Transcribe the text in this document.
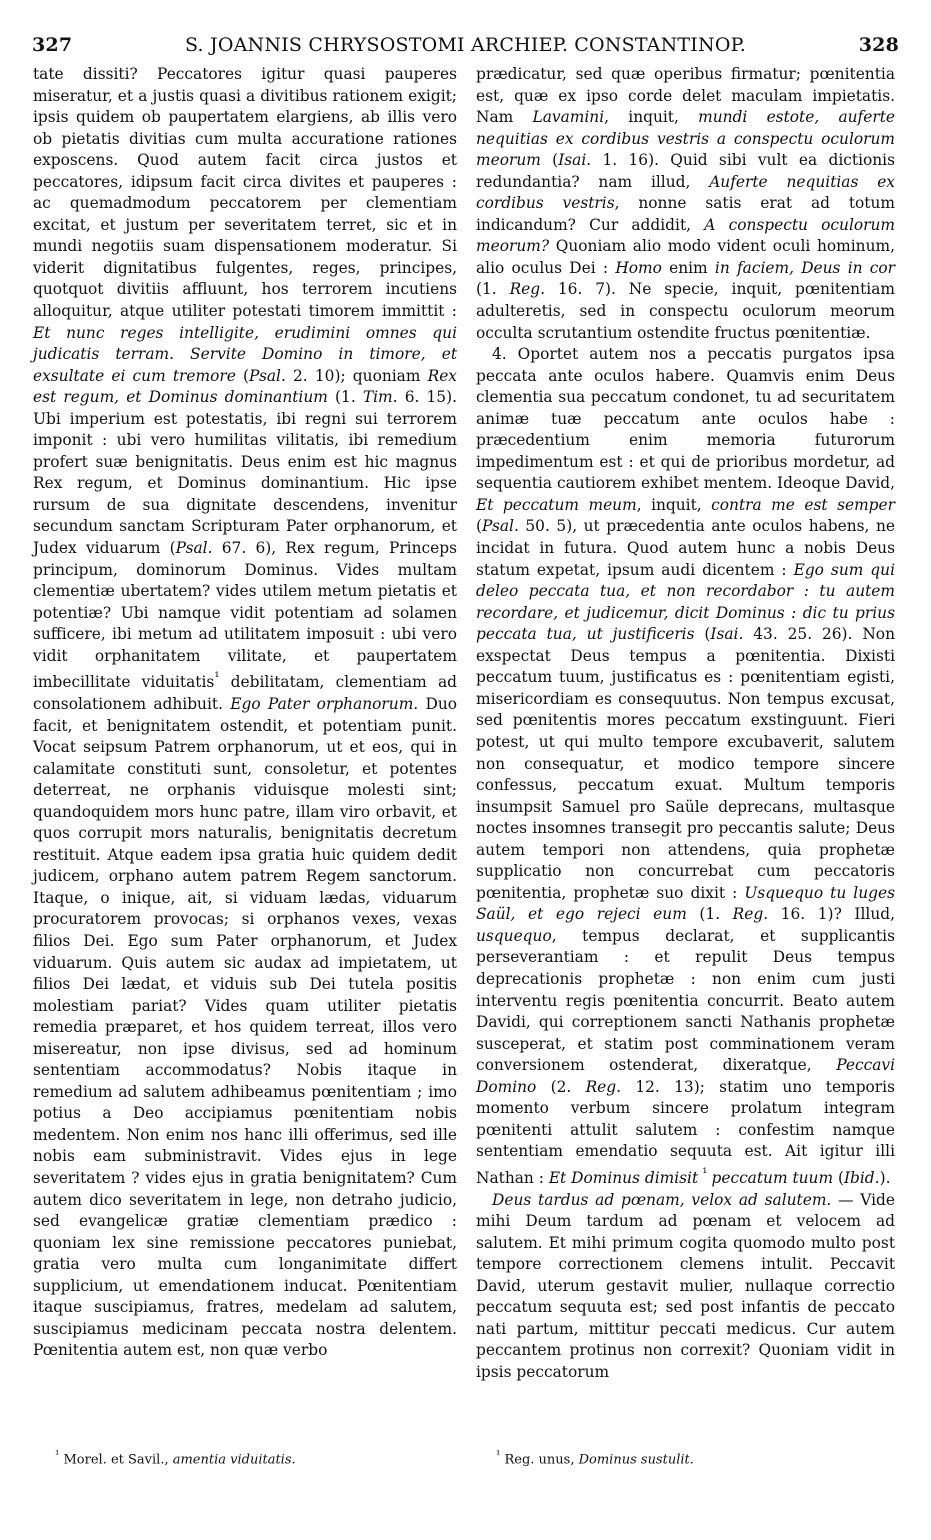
327	S. JOANNIS CHRYSOSTOMI ARCHIEP. CONSTANTINOP.	328

tate dissiti? Peccatores igitur quasi pauperes miseratur, et a justis quasi a divitibus rationem exigit; ipsis quidem ob paupertatem elargiens, ab illis vero ob pietatis divitias cum multa accuratione rationes exposcens. Quod autem facit circa justos et peccatores, idipsum facit circa divites et pauperes : ac quemadmodum peccatorem per clementiam excitat, et justum per severitatem terret, sic et in mundi negotiis suam dispensationem moderatur. Si viderit dignitatibus fulgentes, reges, principes, quotquot divitiis affluunt, hos terrorem incutiens alloquitur, atque utiliter potestati timorem immittit : Et nunc reges intelligite, erudimini omnes qui judicatis terram. Servite Domino in timore, et exsultate ei cum tremore (Psal. 2. 10); quoniam Rex est regum, et Dominus dominantium (1. Tim. 6. 15). Ubi imperium est potestatis, ibi regni sui terrorem imponit : ubi vero humilitas vilitatis, ibi remedium profert suæ benignitatis. Deus enim est hic magnus Rex regum, et Dominus dominantium. Hic ipse rursum de sua dignitate descendens, invenitur secundum sanctam Scripturam Pater orphanorum, et Judex viduarum (Psal. 67. 6), Rex regum, Princeps principum, dominorum Dominus. Vides multam clementiæ ubertatem? vides utilem metum pietatis et potentiæ? Ubi namque vidit potentiam ad solamen sufficere, ibi metum ad utilitatem imposuit : ubi vero vidit orphanitatem vilitate, et paupertatem imbecillitate viduitatis$^{^1}$ debilitatam, clementiam ad consolationem adhibuit. Ego Pater orphanorum. Duo facit, et benignitatem ostendit, et potentiam punit. Vocat seipsum Patrem orphanorum, ut et eos, qui in calamitate constituti sunt, consoletur, et potentes deterreat, ne orphanis viduisque molesti sint; quandoquidem mors hunc patre, illam viro orbavit, et quos corrupit mors naturalis, benignitatis decretum restituit. Atque eadem ipsa gratia huic quidem dedit judicem, orphano autem patrem Regem sanctorum. Itaque, o inique, ait, si viduam lædas, viduarum procuratorem provocas; si orphanos vexes, vexas filios Dei. Ego sum Pater orphanorum, et Judex viduarum. Quis autem sic audax ad impietatem, ut filios Dei lædat, et viduis sub Dei tutela positis molestiam pariat? Vides quam utiliter pietatis remedia præparet, et hos quidem terreat, illos vero misereatur, non ipse divisus, sed ad hominum sententiam accommodatus? Nobis itaque in remedium ad salutem adhibeamus pœnitentiam ; imo potius a Deo accipiamus pœnitentiam nobis medentem. Non enim nos hanc illi offerimus, sed ille nobis eam subministravit. Vides ejus in lege severitatem ? vides ejus in gratia benignitatem? Cum autem dico severitatem in lege, non detraho judicio, sed evangelicæ gratiæ clementiam prædico : quoniam lex sine remissione peccatores puniebat, gratia vero multa cum longanimitate differt supplicium, ut emendationem inducat. Pœnitentiam itaque suscipiamus, fratres, medelam ad salutem, suscipiamus medicinam peccata nostra delentem. Pœnitentia autem est, non quæ verbo

prædicatur, sed quæ operibus firmatur; pœnitentia est, quæ ex ipso corde delet maculam impietatis. Nam Lavamini, inquit, mundi estote, auferte nequitias ex cordibus vestris a conspectu oculorum meorum (Isai. 1. 16). Quid sibi vult ea dictionis redundantia? nam illud, Auferte nequitias ex cordibus vestris, nonne satis erat ad totum indicandum? Cur addidit, A conspectu oculorum meorum? Quoniam alio modo vident oculi hominum, alio oculus Dei : Homo enim in faciem, Deus in cor (1. Reg. 16. 7). Ne specie, inquit, pœnitentiam adulteretis, sed in conspectu oculorum meorum occulta scrutantium ostendite fructus pœnitentiæ.

4. Oportet autem nos a peccatis purgatos ipsa peccata ante oculos habere. Quamvis enim Deus clementia sua peccatum condonet, tu ad securitatem animæ tuæ peccatum ante oculos habe : præcedentium enim memoria futurorum impedimentum est : et qui de prioribus mordetur, ad sequentia cautiorem exhibet mentem. Ideoque David, Et peccatum meum, inquit, contra me est semper (Psal. 50. 5), ut præcedentia ante oculos habens, ne incidat in futura. Quod autem hunc a nobis Deus statum expetat, ipsum audi dicentem : Ego sum qui deleo peccata tua, et non recordabor : tu autem recordare, et judicemur, dicit Dominus : dic tu prius peccata tua, ut justificeris (Isai. 43. 25. 26). Non exspectat Deus tempus a pœnitentia. Dixisti peccatum tuum, justificatus es : pœnitentiam egisti, misericordiam es consequutus. Non tempus excusat, sed pœnitentis mores peccatum exstinguunt. Fieri potest, ut qui multo tempore excubaverit, salutem non consequatur, et modico tempore sincere confessus, peccatum exuat. Multum temporis insumpsit Samuel pro Saüle deprecans, multasque noctes insomnes transegit pro peccantis salute; Deus autem tempori non attendens, quia prophetæ supplicatio non concurrebat cum peccatoris pœnitentia, prophetæ suo dixit : Usquequo tu luges Saül, et ego rejeci eum (1. Reg. 16. 1)? Illud, usquequo, tempus declarat, et supplicantis perseverantiam : et repulit Deus tempus deprecationis prophetæ : non enim cum justi interventu regis pœnitentia concurrit. Beato autem Davidi, qui correptionem sancti Nathanis prophetæ susceperat, et statim post comminationem veram conversionem ostenderat, dixeratque, Peccavi Domino (2. Reg. 12. 13); statim uno temporis momento verbum sincere prolatum integram pœnitenti attulit salutem : confestim namque sententiam emendatio sequuta est. Ait igitur illi Nathan : Et Dominus dimisit $^{^1}$ peccatum tuum (Ibid.).

Deus tardus ad pœnam, velox ad salutem. — Vide mihi Deum tardum ad pœnam et velocem ad salutem. Et mihi primum cogita quomodo multo post tempore correctionem clemens intulit. Peccavit David, uterum gestavit mulier, nullaque correctio peccatum sequuta est; sed post infantis de peccato nati partum, mittitur peccati medicus. Cur autem peccantem protinus non correxit? Quoniam vidit in ipsis peccatorum

$^{^1}$ Morel. et Savil., amentia viduitatis.	$^{^1}$ Reg. unus, Dominus sustulit.
